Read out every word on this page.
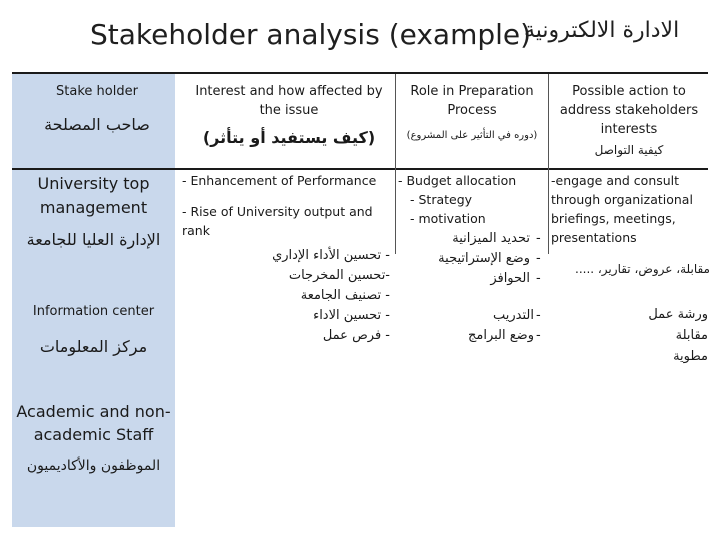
Stakeholder analysis (example)
الادارة الالكترونية
Stake holder
صاحب المصلحة
Interest and how affected by the issue
(كيف يستفيد أو يتأثر)
Role in Preparation Process
(دوره في التأثير على المشروع)
Possible action to address stakeholders interests
كيفية التواصل
University top management
الإدارة العليا للجامعة
- Enhancement of Performance
- Rise of University output and rank
- تحسين الأداء الإداري
-تحسين المخرجات
- تصنيف الجامعة
- Budget allocation
- Strategy
- motivation
تحديد الميزانية
وضع الإستراتيجية
الحوافز
-
-
-
-engage and consult through organizational briefings, meetings, presentations
مقابلة، عروض، تقارير، .....
Information center
مركز المعلومات
- تحسين الاداء
- فرص عمل
التدريب
وضع البرامج
-
-
ورشة عمل
مقابلة
مطوية
Academic and non-academic Staff
الموظفون والأكاديميون
